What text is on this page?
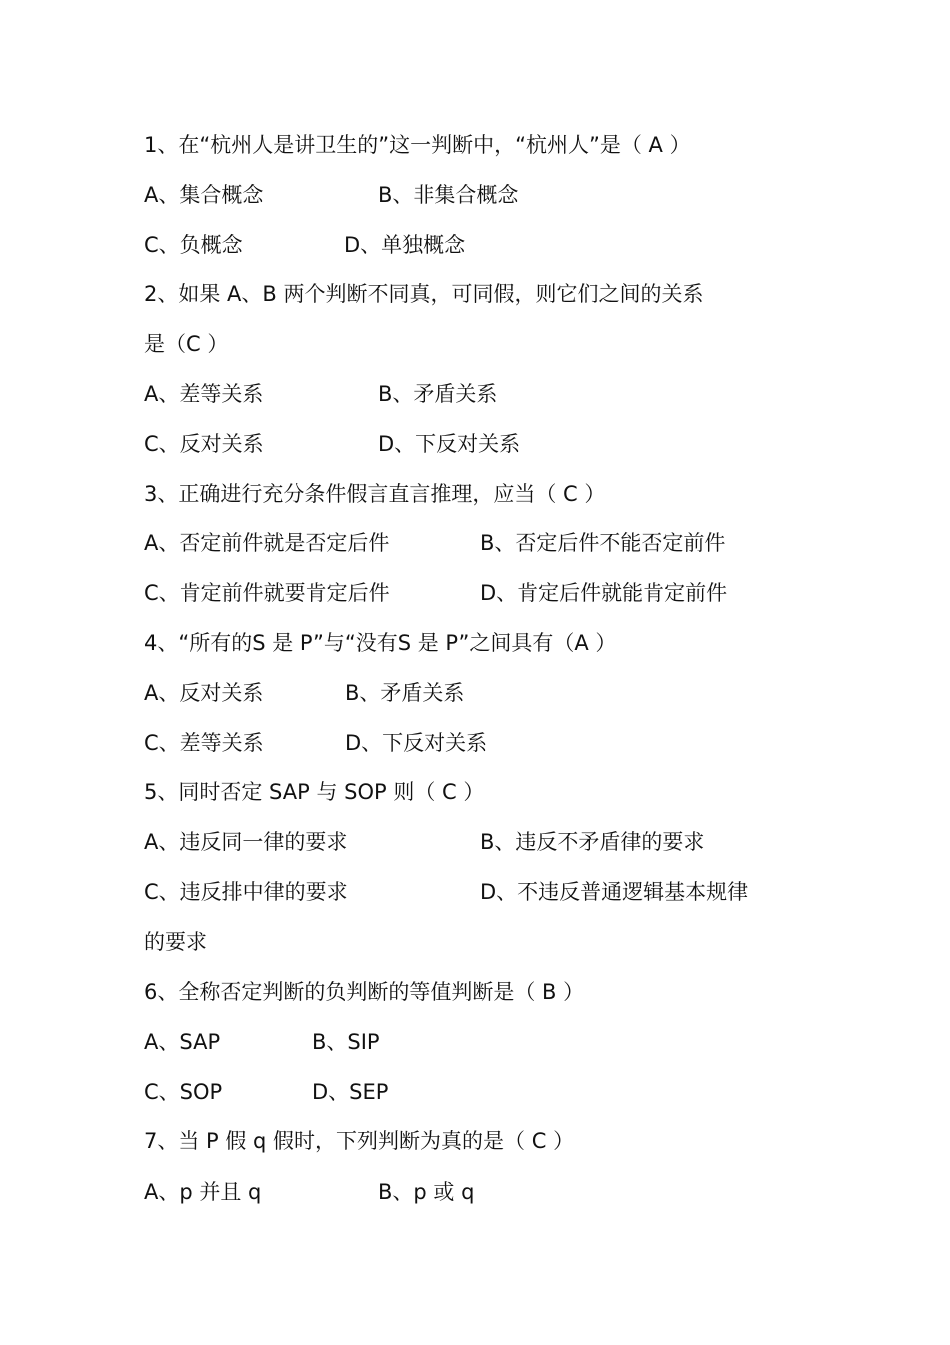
1、在“杭州人是讲卫生的”这一判断中，“杭州人”是（ A ）
A、集合概念	B、非集合概念
C、负概念	D、单独概念
2、如果 A、B 两个判断不同真，可同假，则它们之间的关系
是（C ）
A、差等关系	B、矛盾关系
C、反对关系	D、下反对关系
3、正确进行充分条件假言直言推理，应当（ C ）
A、否定前件就是否定后件	B、否定后件不能否定前件
C、肯定前件就要肯定后件	D、肯定后件就能肯定前件
4、“所有的S 是 P”与“没有S 是 P”之间具有（A ）
A、反对关系	B、矛盾关系
C、差等关系	D、下反对关系
5、同时否定 SAP 与 SOP 则（ C ）
A、违反同一律的要求	B、违反不矛盾律的要求
C、违反排中律的要求	D、不违反普通逻辑基本规律
的要求
6、全称否定判断的负判断的等值判断是（ B ）
A、SAP	B、SIP
C、SOP	D、SEP
7、当 P 假 q 假时，下列判断为真的是（ C ）
A、p 并且 q	B、p 或 q
